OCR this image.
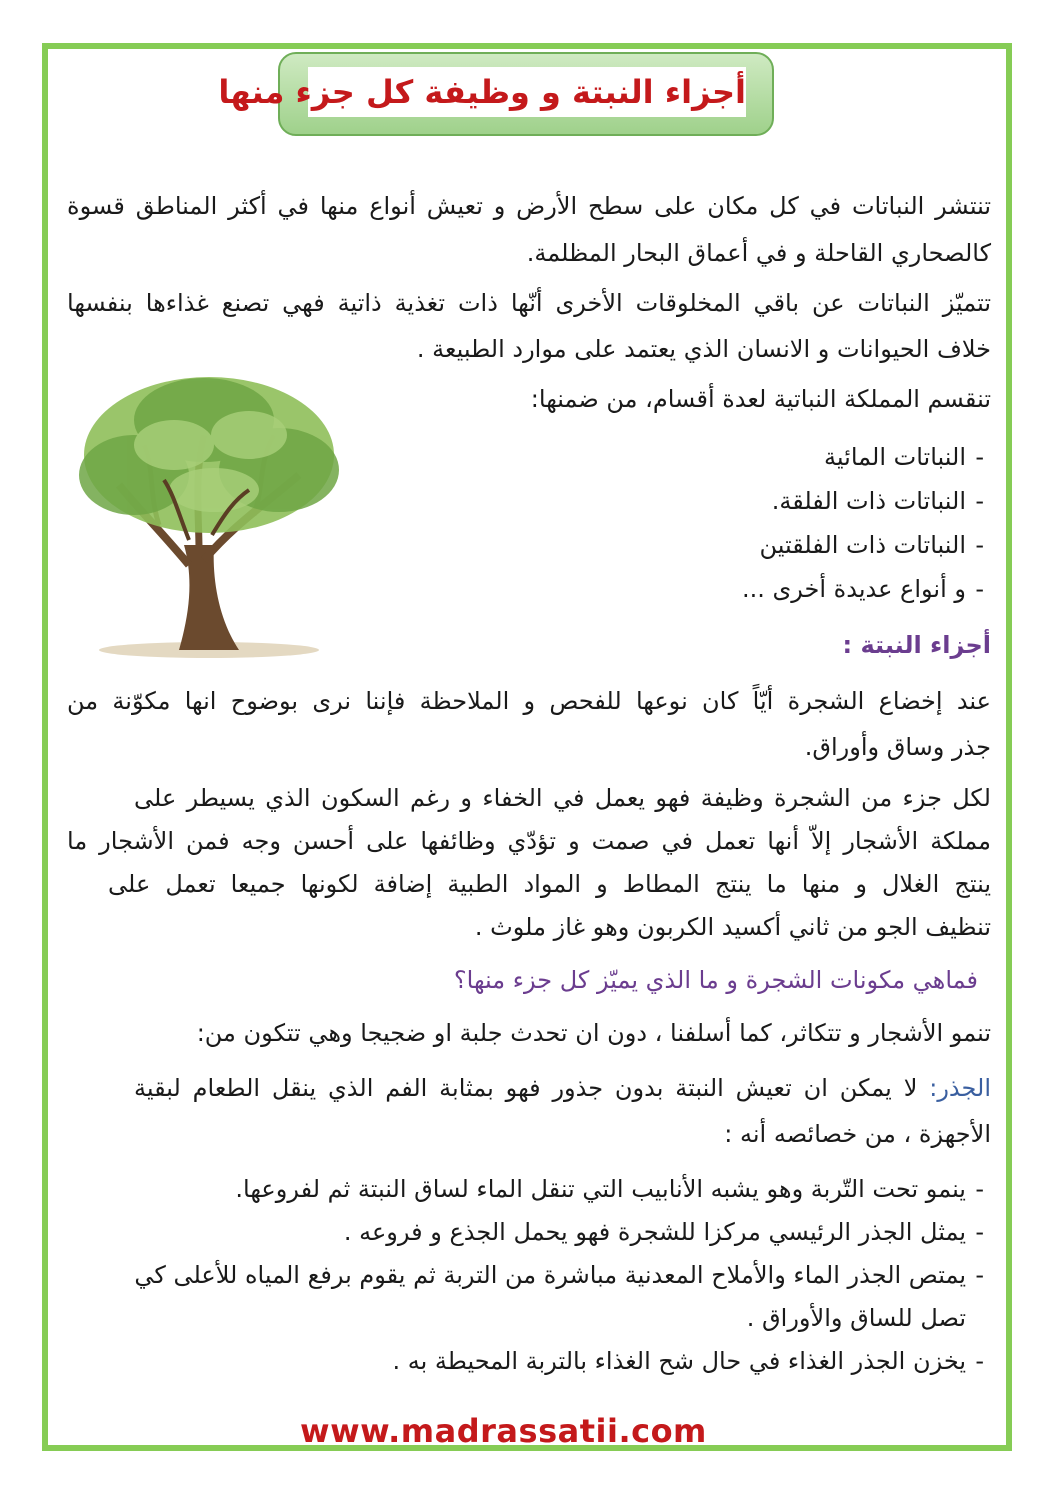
أجزاء النبتة و وظيفة كل جزء منها
تنتشر النباتات في كل مكان على سطح الأرض و تعيش أنواع منها في أكثر المناطق قسوة
كالصحاري القاحلة و في أعماق البحار المظلمة.
تتميّز النباتات عن باقي المخلوقات الأخرى أنّها ذات تغذية ذاتية فهي تصنع غذاءها بنفسها
خلاف الحيوانات و الانسان الذي يعتمد على موارد الطبيعة .
تنقسم المملكة النباتية لعدة أقسام، من ضمنها:
-
النباتات المائية
-
النباتات ذات الفلقة.
-
النباتات ذات الفلقتين
-
و أنواع عديدة أخرى ...
أجزاء النبتة :
عند إخضاع الشجرة أيّاً كان نوعها للفحص و الملاحظة فإننا نرى بوضوح انها مكوّنة من
جذر وساق وأوراق.
لكل جزء من الشجرة وظيفة فهو يعمل في الخفاء و رغم السكون الذي يسيطر على
مملكة الأشجار إلاّ أنها تعمل في صمت و تؤدّي وظائفها على أحسن وجه فمن الأشجار ما
ينتج الغلال و منها ما ينتج المطاط و المواد الطبية إضافة لكونها جميعا تعمل على
تنظيف الجو من ثاني أكسيد الكربون وهو غاز ملوث .
فماهي مكونات الشجرة و ما الذي يميّز كل جزء منها؟
تنمو الأشجار و تتكاثر، كما أسلفنا ، دون ان تحدث جلبة او ضجيجا وهي تتكون من:
الجذر: لا يمكن ان تعيش النبتة بدون جذور فهو بمثابة الفم الذي ينقل الطعام لبقية
الأجهزة ، من خصائصه أنه :
-
ينمو تحت التّربة وهو يشبه الأنابيب التي تنقل الماء لساق النبتة ثم لفروعها.
-
يمثل الجذر الرئيسي مركزا للشجرة فهو يحمل الجذع و فروعه .
-
يمتص الجذر الماء والأملاح المعدنية مباشرة من التربة ثم يقوم برفع المياه للأعلى كي
تصل للساق والأوراق .
-
يخزن الجذر الغذاء في حال شح الغذاء بالتربة المحيطة به .
www.madrassatii.com
